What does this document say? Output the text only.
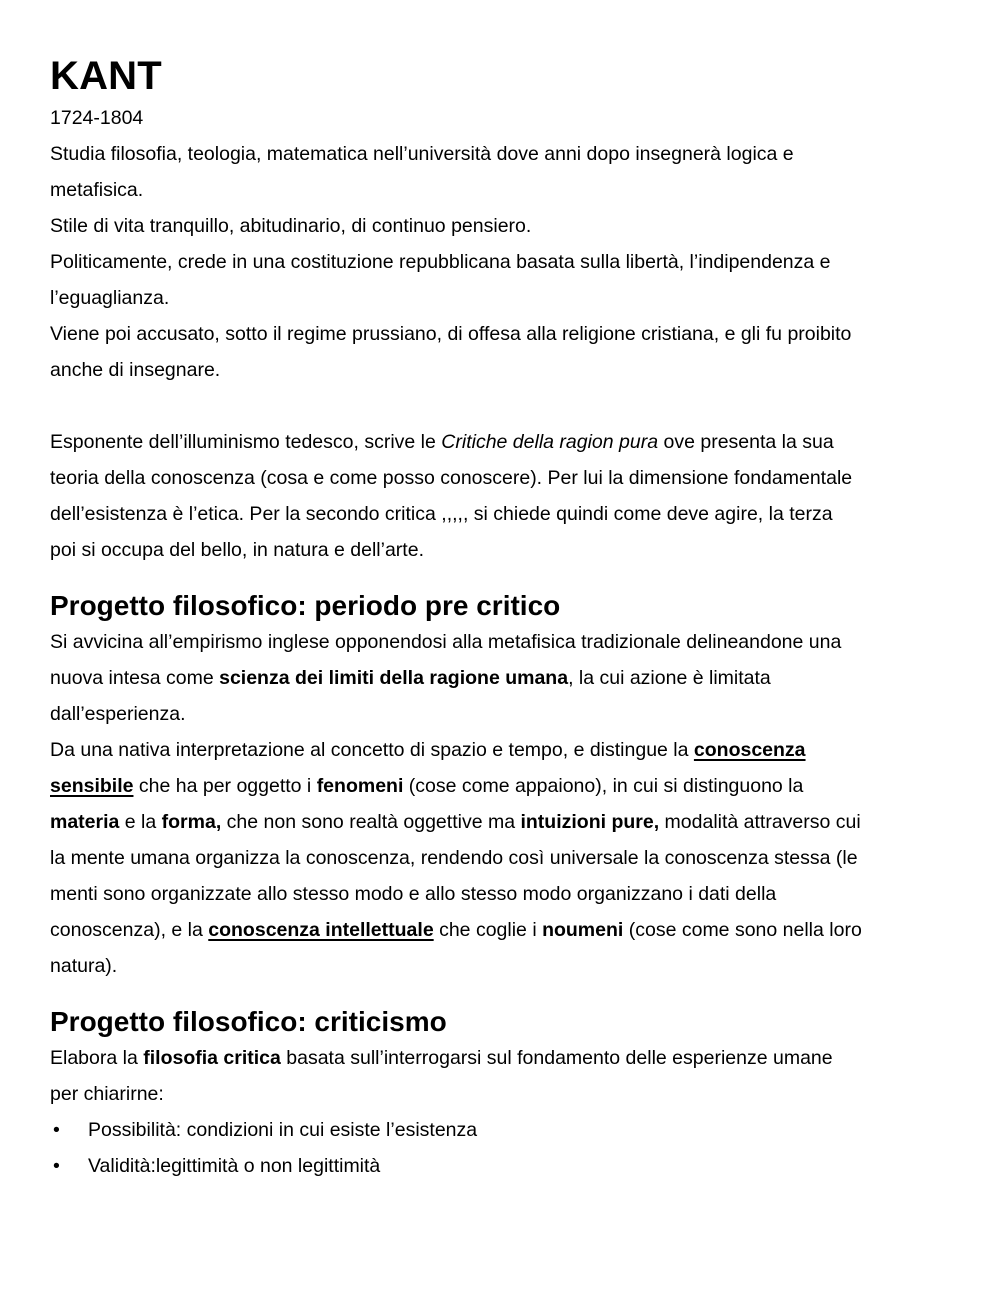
KANT

1724-1804

Studia filosofia, teologia, matematica nell’università dove anni dopo insegnerà logica e

metafisica.

Stile di vita tranquillo, abitudinario, di continuo pensiero.

Politicamente, crede in una costituzione repubblicana basata sulla libertà, l’indipendenza e

l’eguaglianza.

Viene poi accusato, sotto il regime prussiano, di offesa alla religione cristiana, e gli fu proibito

anche di insegnare.

Esponente dell’illuminismo tedesco, scrive le Critiche della ragion pura ove presenta la sua

teoria della conoscenza (cosa e come posso conoscere). Per lui la dimensione fondamentale

dell’esistenza è l’etica. Per la secondo critica ,,,,, si chiede quindi come deve agire, la terza

poi si occupa del bello, in natura e dell’arte.

Progetto filosofico: periodo pre critico

Si avvicina all’empirismo inglese opponendosi alla metafisica tradizionale delineandone una

nuova intesa come scienza dei limiti della ragione umana, la cui azione è limitata

dall’esperienza.

Da una nativa interpretazione al concetto di spazio e tempo, e distingue la conoscenza

sensibile che ha per oggetto i fenomeni (cose come appaiono), in cui si distinguono la

materia e la forma, che non sono realtà oggettive ma intuizioni pure, modalità attraverso cui

la mente umana organizza la conoscenza, rendendo così universale la conoscenza stessa (le

menti sono organizzate allo stesso modo e allo stesso modo organizzano i dati della

conoscenza), e la conoscenza intellettuale che coglie i noumeni (cose come sono nella loro

natura).

Progetto filosofico: criticismo

Elabora la filosofia critica basata sull’interrogarsi sul fondamento delle esperienze umane

per chiarirne:

•	Possibilità: condizioni in cui esiste l’esistenza

•	Validità:legittimità o non legittimità
